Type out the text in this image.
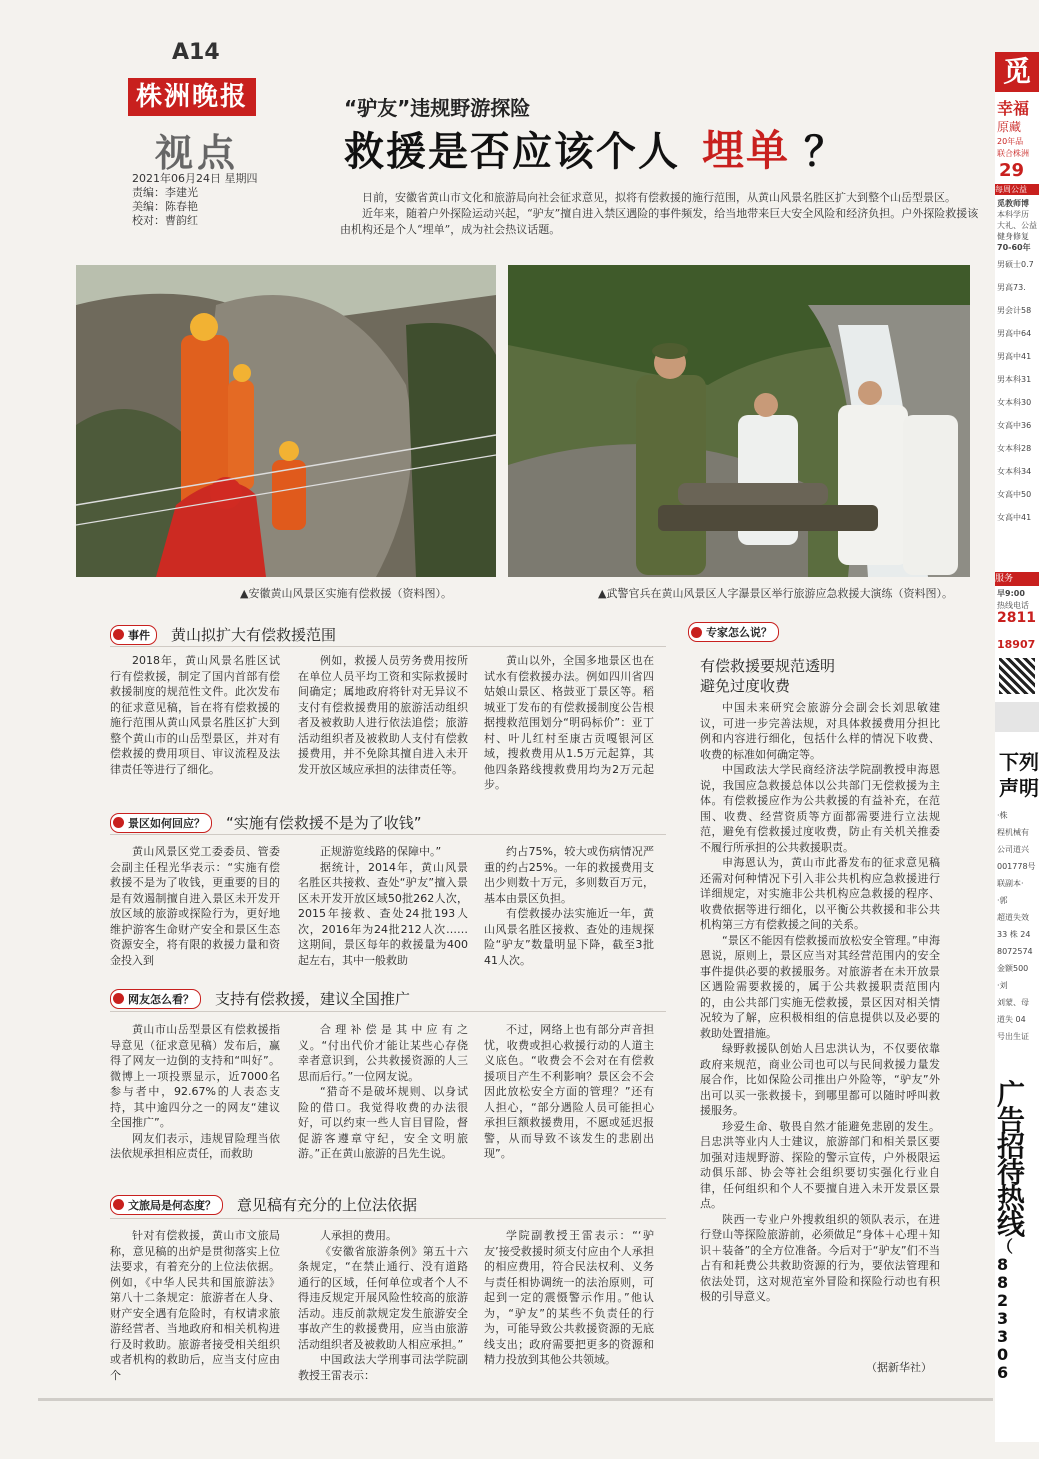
A14
株洲晚报
视点
2021年06月24日 星期四
责编：李建光
美编：陈春艳
校对：曹韵红
“驴友”违规野游探险
救援是否应该个人 埋单 ？
日前，安徽省黄山市文化和旅游局向社会征求意见，拟将有偿救援的施行范围，从黄山风景名胜区扩大到整个山岳型景区。
近年来，随着户外探险运动兴起，“驴友”擅自进入禁区遇险的事件频发，给当地带来巨大安全风险和经济负担。户外探险救援该由机构还是个人“埋单”，成为社会热议话题。
▲安徽黄山风景区实施有偿救援（资料图）。	▲武警官兵在黄山风景区人字瀑景区举行旅游应急救援大演练（资料图）。
事件 黄山拟扩大有偿救援范围

2018年，黄山风景名胜区试行有偿救援，制定了国内首部有偿救援制度的规范性文件。此次发布的征求意见稿，旨在将有偿救援的施行范围从黄山风景名胜区扩大到整个黄山市的山岳型景区，并对有偿救援的费用项目、审议流程及法律责任等进行了细化。

例如，救援人员劳务费用按所在单位人员平均工资和实际救援时间确定；属地政府将针对无异议不支付有偿救援费用的旅游活动组织者及被救助人进行依法追偿；旅游活动组织者及被救助人支付有偿救援费用，并不免除其擅自进入未开发开放区域应承担的法律责任等。

黄山以外，全国多地景区也在试水有偿救援办法。例如四川省四姑娘山景区、格鼓亚丁景区等。稻城亚丁发布的有偿救援制度公告根据搜救范围划分“明码标价”：亚丁村、叶儿红村至康古贡嘎银河区域，搜救费用从1.5万元起算，其他四条路线搜救费用均为2万元起步。

景区如何回应？ “实施有偿救援不是为了收钱”

黄山风景区党工委委员、管委会副主任程光华表示：“实施有偿救援不是为了收钱，更重要的目的是有效遏制擅自进入景区未开发开放区域的旅游或探险行为，更好地维护游客生命财产安全和景区生态资源安全，将有限的救援力量和资金投入到

正规游览线路的保障中。”

据统计，2014年，黄山风景名胜区共接救、查处“驴友”擅入景区未开发开放区域50批262人次，2015年接救、查处24批193人次，2016年为24批212人次……这期间，景区每年的救援量为400起左右，其中一般救助

约占75%，较大或伤病情况严重的约占25%。一年的救援费用支出少则数十万元，多则数百万元，基本由景区负担。

有偿救援办法实施近一年，黄山风景名胜区接救、查处的违规探险“驴友”数量明显下降，截至3批41人次。

网友怎么看？ 支持有偿救援，建议全国推广

黄山市山岳型景区有偿救援指导意见（征求意见稿）发布后，赢得了网友一边倒的支持和“叫好”。微博上一项投票显示，近7000名参与者中，92.67%的人表态支持，其中逾四分之一的网友“建议全国推广”。

网友们表示，违规冒险理当依法依规承担相应责任，而救助

合理补偿是其中应有之义。“付出代价才能让某些心存侥幸者意识到，公共救援资源的人三思而后行。”一位网友说。

“猎奇不是破坏规则、以身试险的借口。我觉得收费的办法很好，可以约束一些人盲目冒险，督促游客遵章守纪，安全文明旅游。”正在黄山旅游的吕先生说。

不过，网络上也有部分声音担忧，收费或担心救援行动的人道主义底色。“收费会不会对在有偿救援项目产生不利影响？景区会不会因此放松安全方面的管理？”还有人担心，“部分遇险人员可能担心承担巨额救援费用，不愿或延迟报警，从而导致不该发生的悲剧出现”。

文旅局是何态度？ 意见稿有充分的上位法依据

针对有偿救援，黄山市文旅局称，意见稿的出炉是贯彻落实上位法要求，有着充分的上位法依据。例如，《中华人民共和国旅游法》第八十二条规定：旅游者在人身、财产安全遇有危险时，有权请求旅游经营者、当地政府和相关机构进行及时救助。旅游者接受相关组织或者机构的救助后，应当支付应由个

人承担的费用。

《安徽省旅游条例》第五十六条规定，“在禁止通行、没有道路通行的区域，任何单位或者个人不得违反规定开展风险性较高的旅游活动。违反前款规定发生旅游安全事故产生的救援费用，应当由旅游活动组织者及被救助人相应承担。”

中国政法大学刑事司法学院副教授王雷表示：

学院副教授王雷表示：“‘驴友’接受救援时须支付应由个人承担的相应费用，符合民法权利、义务与责任相协调统一的法治原则，可起到一定的震慑警示作用。”他认为，“驴友”的某些不负责任的行为，可能导致公共救援资源的无底线支出；政府需要把更多的资源和精力投放到其他公共领域。

专家怎么说？
有偿救援要规范透明
避免过度收费

中国未来研究会旅游分会副会长刘思敏建议，可进一步完善法规，对具体救援费用分担比例和内容进行细化，包括什么样的情况下收费、收费的标准如何确定等。

中国政法大学民商经济法学院副教授申海恩说，我国应急救援总体以公共部门无偿救援为主体。有偿救援应作为公共救援的有益补充，在范围、收费、经营资质等方面都需要进行立法规范，避免有偿救援过度收费，防止有关机关推委不履行所承担的公共救援职责。

申海恩认为，黄山市此番发布的征求意见稿还需对何种情况下引入非公共机构应急救援进行详细规定，对实施非公共机构应急救援的程序、收费依据等进行细化，以平衡公共救援和非公共机构第三方有偿救援之间的关系。

“景区不能因有偿救援而放松安全管理。”申海恩说，原则上，景区应当对其经营范围内的安全事件提供必要的救援服务。对旅游者在未开放景区遇险需要救援的，属于公共救援职责范围内的，由公共部门实施无偿救援，景区因对相关情况较为了解，应积极相组的信息提供以及必要的救助处置措施。

绿野救援队创始人吕忠洪认为，不仅要依靠政府来规范，商业公司也可以与民间救援力量发展合作，比如保险公司推出户外险等，“驴友”外出可以买一张救援卡，到哪里都可以随时呼叫救援服务。

珍爱生命、敬畏自然才能避免悲剧的发生。吕忠洪等业内人士建议，旅游部门和相关景区要加强对违规野游、探险的警示宣传，户外极限运动俱乐部、协会等社会组织要切实强化行业自律，任何组织和个人不要擅自进入未开发景区景点。

陕西一专业户外搜救组织的领队表示，在进行登山等探险旅游前，必须做足“身体＋心理＋知识＋装备”的全方位准备。今后对于“驴友”们不当占有和耗费公共救助资源的行为，要依法管理和依法处罚，这对规范室外冒险和探险行动也有积极的引导意义。

（据新华社）
觅
幸福
原藏
20年品
联合株洲
29
每周公益
觅教师博
本科学历
大礼、公益
健身修复
70-60年
男硕士0.7
男高73.
男会计58
男高中64
男高中41
男本科31
女本科30
女高中36
女本科28
女本科34
女高中50
女高中41
服务
早9:00
热线电话
2811
18907
下列
声明
·株
程机械有
公司道兴
001778号
联副本·
·郭
超道失效
33 株 24
8072574
金额500
·刘
刘蒙、母
道失 04
号出生证
广
告
招
待
热
线
（
8
8
2
3
3
0
6
